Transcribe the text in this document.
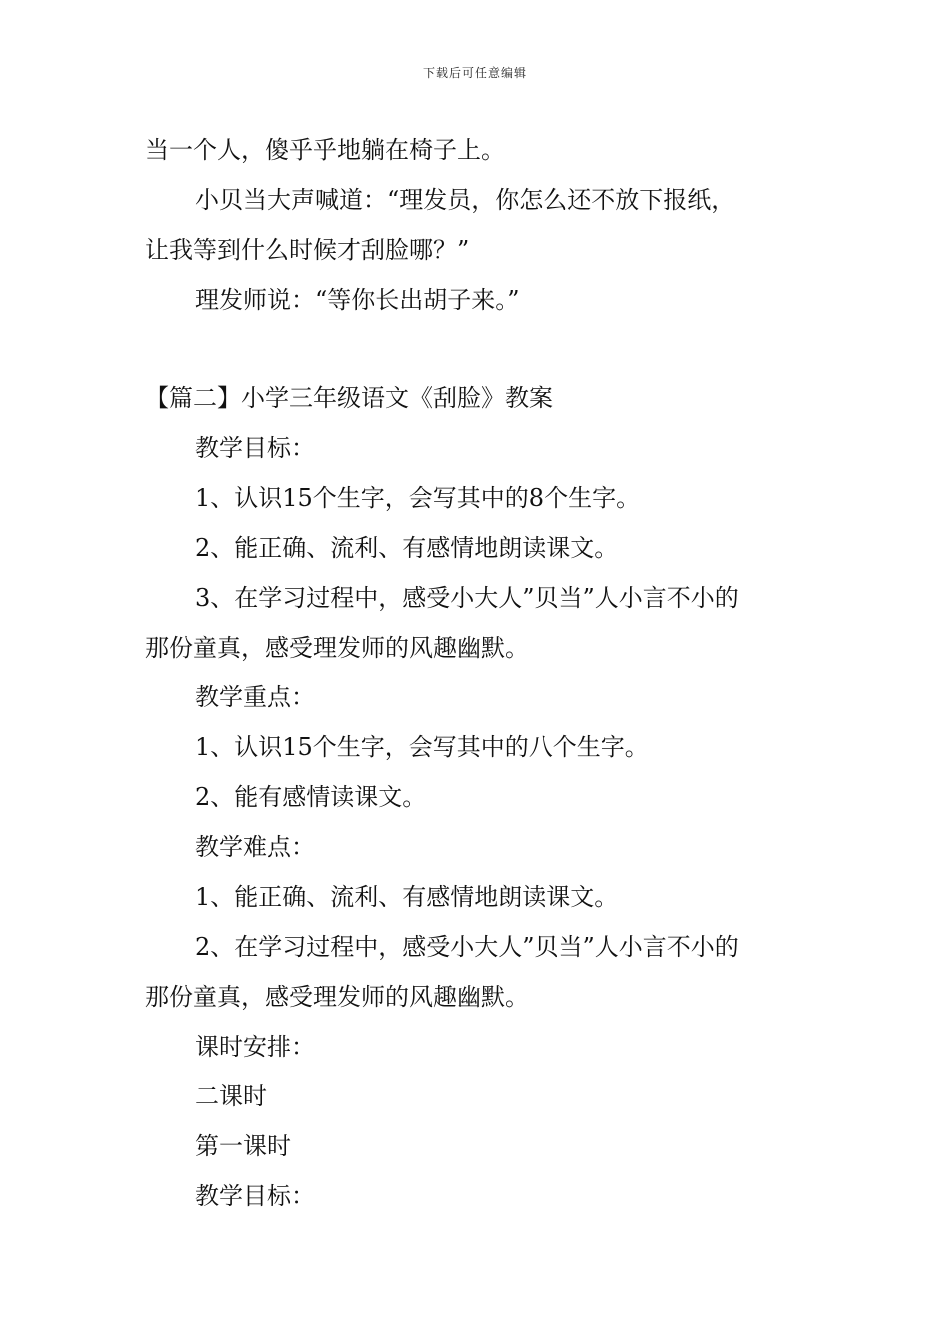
下载后可任意编辑
当一个人，傻乎乎地躺在椅子上。
小贝当大声喊道：“理发员，你怎么还不放下报纸，
让我等到什么时候才刮脸哪？”
理发师说：“等你长出胡子来。”
【篇二】小学三年级语文《刮脸》教案
教学目标：
1、认识15个生字，会写其中的8个生字。
2、能正确、流利、有感情地朗读课文。
3、在学习过程中，感受小大人”贝当”人小言不小的
那份童真，感受理发师的风趣幽默。
教学重点：
1、认识15个生字，会写其中的八个生字。
2、能有感情读课文。
教学难点：
1、能正确、流利、有感情地朗读课文。
2、在学习过程中，感受小大人”贝当”人小言不小的
那份童真，感受理发师的风趣幽默。
课时安排：
二课时
第一课时
教学目标：
